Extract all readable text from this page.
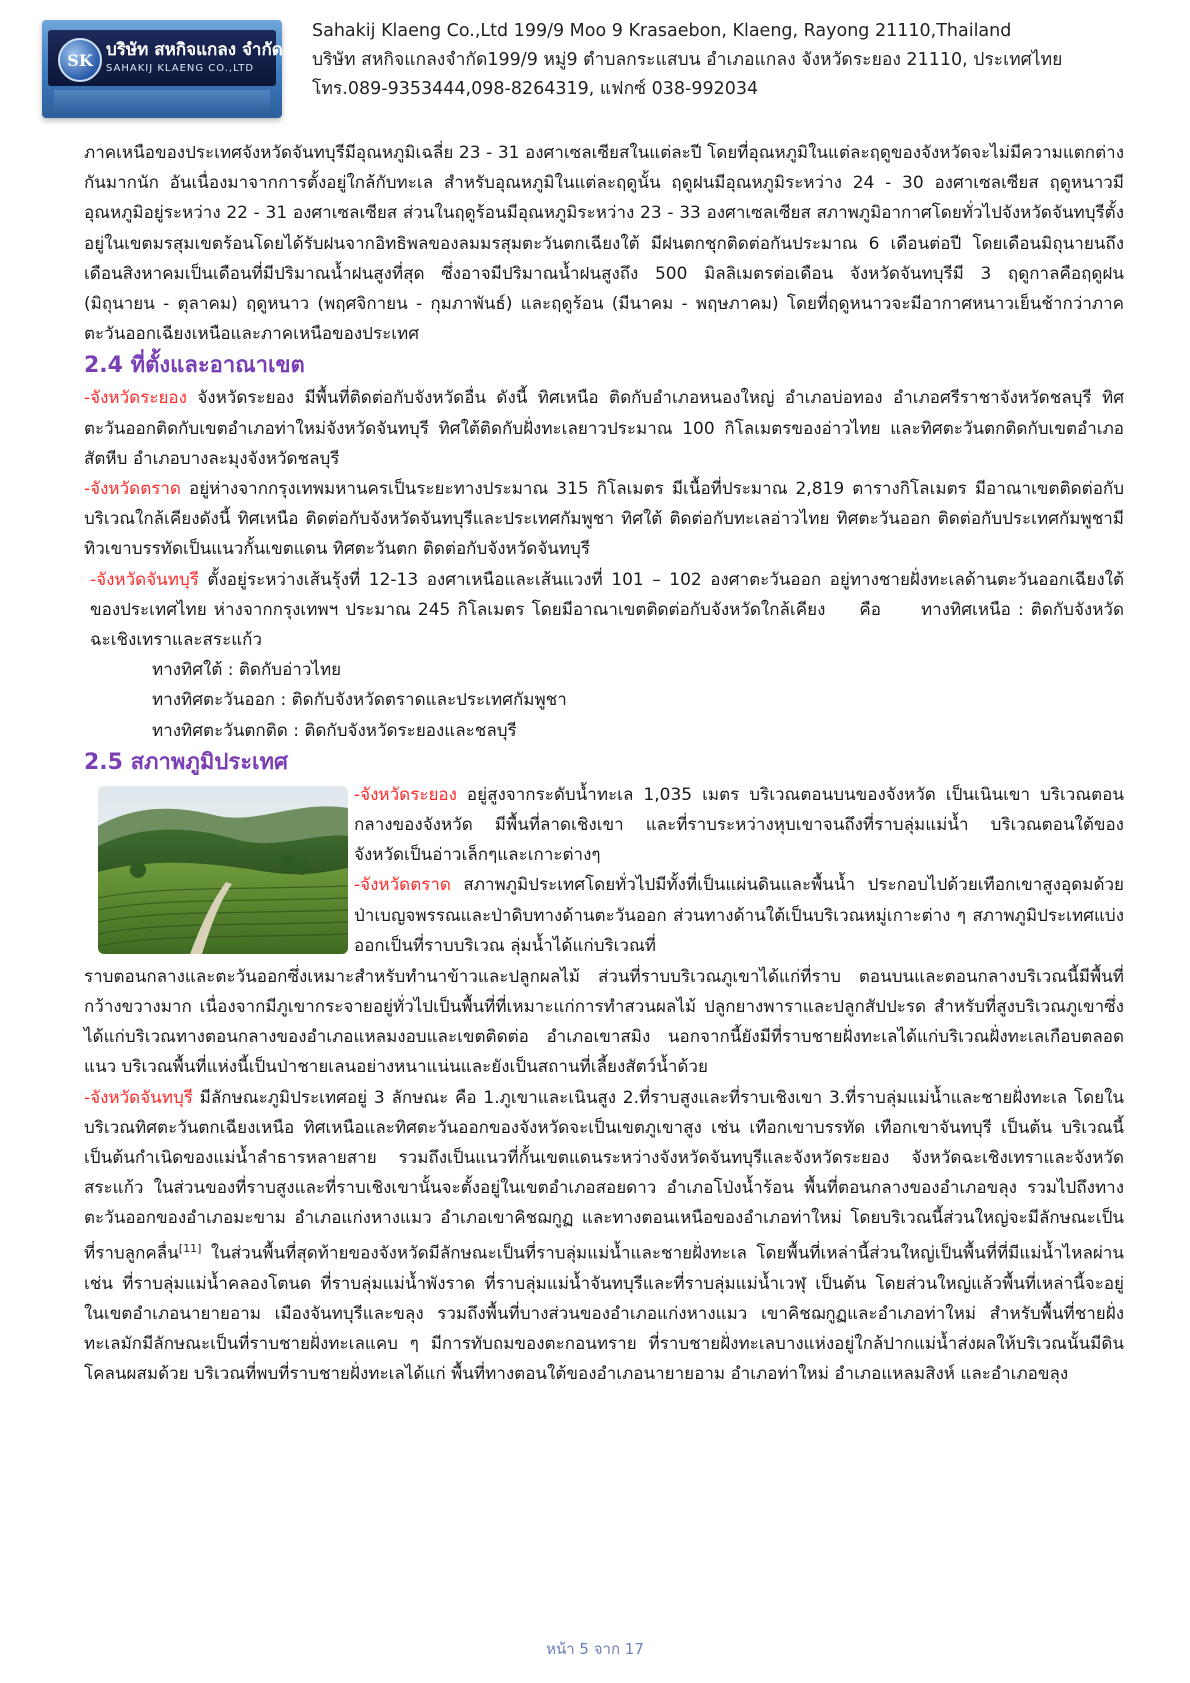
SK บริษัท สหกิจแกลง จำกัด
SAHAKIJ KLAENG CO.,LTD
Sahakij Klaeng Co.,Ltd 199/9 Moo 9 Krasaebon, Klaeng, Rayong 21110,Thailand
บริษัท สหกิจแกลงจำกัด199/9 หมู่9 ตำบลกระแสบน อำเภอแกลง จังหวัดระยอง 21110, ประเทศไทย
โทร.089-9353444,098-8264319, แฟกซ์ 038-992034

ภาคเหนือของประเทศจังหวัดจันทบุรีมีอุณหภูมิเฉลี่ย 23 - 31 องศาเซลเซียสในแต่ละปี โดยที่อุณหภูมิในแต่ละฤดูของจังหวัดจะไม่มีความแตกต่างกันมากนัก อันเนื่องมาจากการตั้งอยู่ใกล้กับทะเล สำหรับอุณหภูมิในแต่ละฤดูนั้น ฤดูฝนมีอุณหภูมิระหว่าง 24 - 30 องศาเซลเซียส ฤดูหนาวมีอุณหภูมิอยู่ระหว่าง 22 - 31 องศาเซลเซียส ส่วนในฤดูร้อนมีอุณหภูมิระหว่าง 23 - 33 องศาเซลเซียส สภาพภูมิอากาศโดยทั่วไปจังหวัดจันทบุรีตั้งอยู่ในเขตมรสุมเขตร้อนโดยได้รับฝนจากอิทธิพลของลมมรสุมตะวันตกเฉียงใต้ มีฝนตกชุกติดต่อกันประมาณ 6 เดือนต่อปี โดยเดือนมิถุนายนถึงเดือนสิงหาคมเป็นเดือนที่มีปริมาณน้ำฝนสูงที่สุด ซึ่งอาจมีปริมาณน้ำฝนสูงถึง 500 มิลลิเมตรต่อเดือน จังหวัดจันทบุรีมี 3 ฤดูกาลคือฤดูฝน (มิถุนายน - ตุลาคม) ฤดูหนาว (พฤศจิกายน - กุมภาพันธ์) และฤดูร้อน (มีนาคม - พฤษภาคม) โดยที่ฤดูหนาวจะมีอากาศหนาวเย็นช้ากว่าภาคตะวันออกเฉียงเหนือและภาคเหนือของประเทศ

2.4 ที่ตั้งและอาณาเขต

-จังหวัดระยอง จังหวัดระยอง มีพื้นที่ติดต่อกับจังหวัดอื่น ดังนี้ ทิศเหนือ ติดกับอำเภอหนองใหญ่ อำเภอบ่อทอง อำเภอศรีราชาจังหวัดชลบุรี ทิศตะวันออกติดกับเขตอำเภอท่าใหม่จังหวัดจันทบุรี ทิศใต้ติดกับฝั่งทะเลยาวประมาณ 100 กิโลเมตรของอ่าวไทย และทิศตะวันตกติดกับเขตอำเภอสัตหีบ อำเภอบางละมุงจังหวัดชลบุรี

-จังหวัดตราด อยู่ห่างจากกรุงเทพมหานครเป็นระยะทางประมาณ 315 กิโลเมตร มีเนื้อที่ประมาณ 2,819 ตารางกิโลเมตร มีอาณาเขตติดต่อกับบริเวณใกล้เคียงดังนี้ ทิศเหนือ ติดต่อกับจังหวัดจันทบุรีและประเทศกัมพูชา ทิศใต้ ติดต่อกับทะเลอ่าวไทย ทิศตะวันออก ติดต่อกับประเทศกัมพูชามีทิวเขาบรรทัดเป็นแนวกั้นเขตแดน ทิศตะวันตก ติดต่อกับจังหวัดจันทบุรี

-จังหวัดจันทบุรี ตั้งอยู่ระหว่างเส้นรุ้งที่ 12-13 องศาเหนือและเส้นแวงที่ 101 – 102 องศาตะวันออก อยู่ทางชายฝั่งทะเลด้านตะวันออกเฉียงใต้ของประเทศไทย ห่างจากกรุงเทพฯ ประมาณ 245 กิโลเมตร โดยมีอาณาเขตติดต่อกับจังหวัดใกล้เคียง คือ ทางทิศเหนือ : ติดกับจังหวัดฉะเชิงเทราและสระแก้ว

ทางทิศใต้ : ติดกับอ่าวไทย

ทางทิศตะวันออก : ติดกับจังหวัดตราดและประเทศกัมพูชา

ทางทิศตะวันตกติด : ติดกับจังหวัดระยองและชลบุรี

2.5 สภาพภูมิประเทศ

-จังหวัดระยอง อยู่สูงจากระดับน้ำทะเล 1,035 เมตร บริเวณตอนบนของจังหวัด เป็นเนินเขา บริเวณตอนกลางของจังหวัด มีพื้นที่ลาดเชิงเขา และที่ราบระหว่างหุบเขาจนถึงที่ราบลุ่มแม่น้ำ บริเวณตอนใต้ของจังหวัดเป็นอ่าวเล็กๆและเกาะต่างๆ

-จังหวัดตราด สภาพภูมิประเทศโดยทั่วไปมีทั้งที่เป็นแผ่นดินและพื้นน้ำ ประกอบไปด้วยเทือกเขาสูงอุดมด้วยป่าเบญจพรรณและป่าดิบทางด้านตะวันออก ส่วนทางด้านใต้เป็นบริเวณหมู่เกาะต่าง ๆ สภาพภูมิประเทศแบ่งออกเป็นที่ราบบริเวณ ลุ่มน้ำได้แก่บริเวณที่

ราบตอนกลางและตะวันออกซึ่งเหมาะสำหรับทำนาข้าวและปลูกผลไม้ ส่วนที่ราบบริเวณภูเขาได้แก่ที่ราบ ตอนบนและตอนกลางบริเวณนี้มีพื้นที่กว้างขวางมาก เนื่องจากมีภูเขากระจายอยู่ทั่วไปเป็นพื้นที่ที่เหมาะแก่การทำสวนผลไม้ ปลูกยางพาราและปลูกสัปปะรด สำหรับที่สูงบริเวณภูเขาซึ่งได้แก่บริเวณทางตอนกลางของอำเภอแหลมงอบและเขตติดต่อ อำเภอเขาสมิง นอกจากนี้ยังมีที่ราบชายฝั่งทะเลได้แก่บริเวณฝั่งทะเลเกือบตลอดแนว บริเวณพื้นที่แห่งนี้เป็นป่าชายเลนอย่างหนาแน่นและยังเป็นสถานที่เลี้ยงสัตว์น้ำด้วย

-จังหวัดจันทบุรี มีลักษณะภูมิประเทศอยู่ 3 ลักษณะ คือ 1.ภูเขาและเนินสูง 2.ที่ราบสูงและที่ราบเชิงเขา 3.ที่ราบลุ่มแม่น้ำและชายฝั่งทะเล โดยในบริเวณทิศตะวันตกเฉียงเหนือ ทิศเหนือและทิศตะวันออกของจังหวัดจะเป็นเขตภูเขาสูง เช่น เทือกเขาบรรทัด เทือกเขาจันทบุรี เป็นต้น บริเวณนี้เป็นต้นกำเนิดของแม่น้ำลำธารหลายสาย รวมถึงเป็นแนวที่กั้นเขตแดนระหว่างจังหวัดจันทบุรีและจังหวัดระยอง จังหวัดฉะเชิงเทราและจังหวัดสระแก้ว ในส่วนของที่ราบสูงและที่ราบเชิงเขานั้นจะตั้งอยู่ในเขตอำเภอสอยดาว อำเภอโป่งน้ำร้อน พื้นที่ตอนกลางของอำเภอขลุง รวมไปถึงทางตะวันออกของอำเภอมะขาม อำเภอแก่งหางแมว อำเภอเขาคิชฌกูฏ และทางตอนเหนือของอำเภอท่าใหม่ โดยบริเวณนี้ส่วนใหญ่จะมีลักษณะเป็นที่ราบลูกคลื่น[11] ในส่วนพื้นที่สุดท้ายของจังหวัดมีลักษณะเป็นที่ราบลุ่มแม่น้ำและชายฝั่งทะเล โดยพื้นที่เหล่านี้ส่วนใหญ่เป็นพื้นที่ที่มีแม่น้ำไหลผ่าน เช่น ที่ราบลุ่มแม่น้ำคลองโตนด ที่ราบลุ่มแม่น้ำพังราด ที่ราบลุ่มแม่น้ำจันทบุรีและที่ราบลุ่มแม่น้ำเวฬุ เป็นต้น โดยส่วนใหญ่แล้วพื้นที่เหล่านี้จะอยู่ในเขตอำเภอนายายอาม เมืองจันทบุรีและขลุง รวมถึงพื้นที่บางส่วนของอำเภอแก่งหางแมว เขาคิชฌกูฏและอำเภอท่าใหม่ สำหรับพื้นที่ชายฝั่งทะเลมักมีลักษณะเป็นที่ราบชายฝั่งทะเลแคบ ๆ มีการทับถมของตะกอนทราย ที่ราบชายฝั่งทะเลบางแห่งอยู่ใกล้ปากแม่น้ำส่งผลให้บริเวณนั้นมีดินโคลนผสมด้วย บริเวณที่พบที่ราบชายฝั่งทะเลได้แก่ พื้นที่ทางตอนใต้ของอำเภอนายายอาม อำเภอท่าใหม่ อำเภอแหลมสิงห์ และอำเภอขลุง

หน้า 5 จาก 17
